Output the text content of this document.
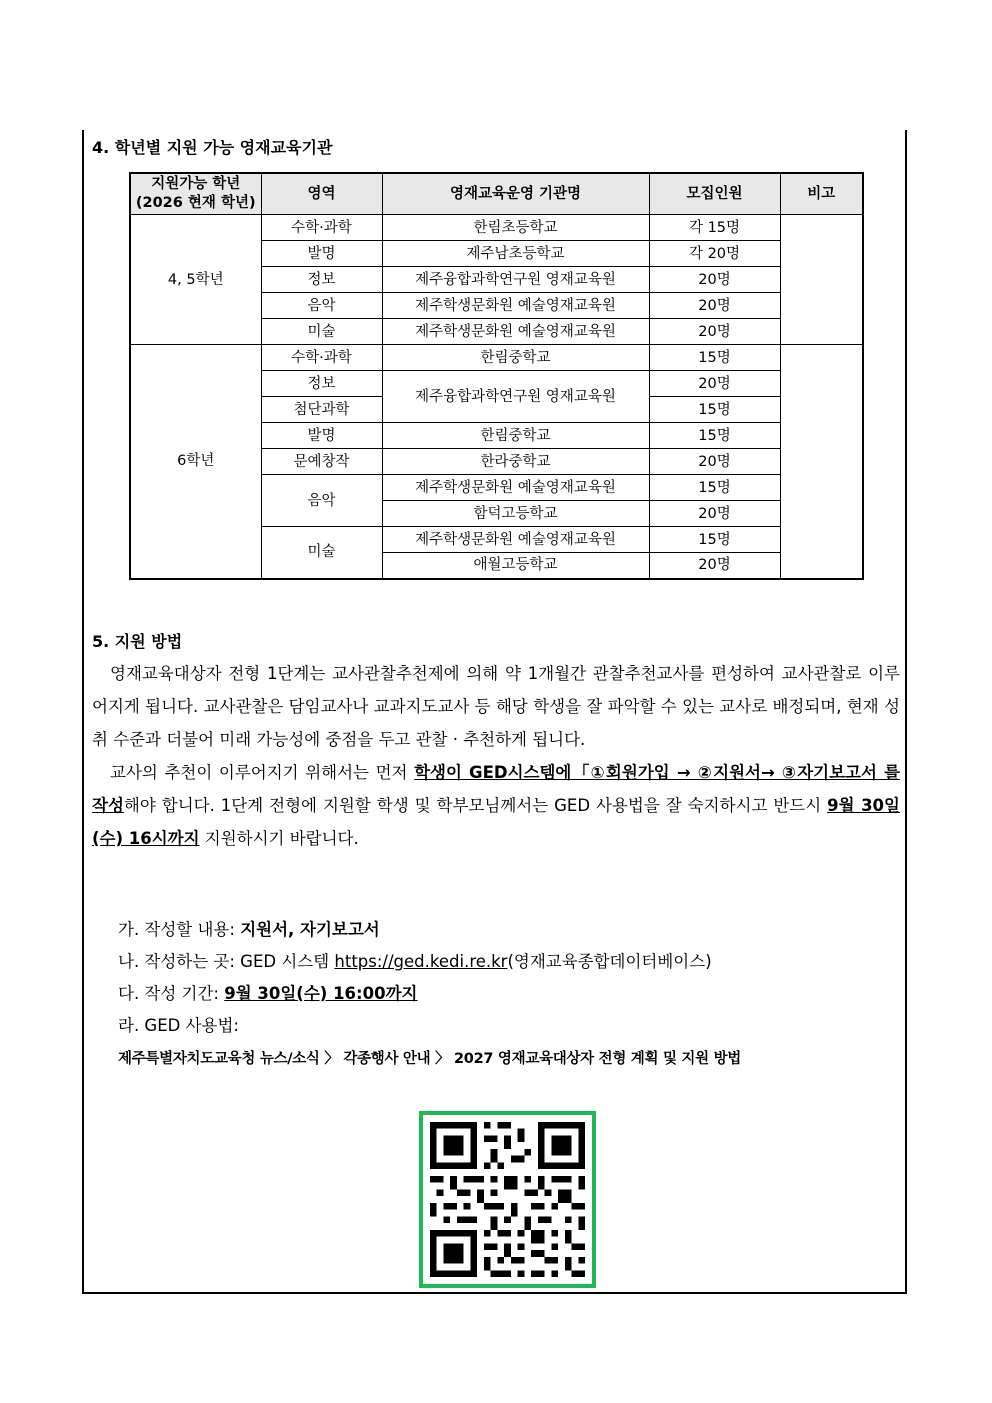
4. 학년별 지원 가능 영재교육기관
지원가능 학년
(2026 현재 학년)	영역	영재교육운영 기관명	모집인원	비고
4, 5학년	수학·과학	한림초등학교	각 15명	
	발명	제주남초등학교	각 20명	
	정보	제주융합과학연구원 영재교육원	20명	
	음악	제주학생문화원 예술영재교육원	20명	
	미술	제주학생문화원 예술영재교육원	20명	
6학년	수학·과학	한림중학교	15명	
	정보	제주융합과학연구원 영재교육원	20명	
	첨단과학		15명	
	발명	한림중학교	15명	
	문예창작	한라중학교	20명	
	음악	제주학생문화원 예술영재교육원	15명	
		함덕고등학교	20명	
	미술	제주학생문화원 예술영재교육원	15명	
		애월고등학교	20명	
5. 지원 방법

영재교육대상자 전형 1단계는 교사관찰추천제에 의해 약 1개월간 관찰추천교사를 편성하여 교사관찰로 이루어지게 됩니다. 교사관찰은 담임교사나 교과지도교사 등 해당 학생을 잘 파악할 수 있는 교사로 배정되며, 현재 성취 수준과 더불어 미래 가능성에 중점을 두고 관찰 · 추천하게 됩니다.

교사의 추천이 이루어지기 위해서는 먼저 학생이 GED시스템에「①회원가입 → ②지원서→ ③자기보고서 를 작성해야 합니다. 1단계 전형에 지원할 학생 및 학부모님께서는 GED 사용법을 잘 숙지하시고 반드시 9월 30일(수) 16시까지 지원하시기 바랍니다.

가. 작성할 내용: 지원서, 자기보고서
나. 작성하는 곳: GED 시스템 https://ged.kedi.re.kr(영재교육종합데이터베이스)
다. 작성 기간: 9월 30일(수) 16:00까지
라. GED 사용법:
제주특별자치도교육청 뉴스/소식 〉 각종행사 안내 〉 2027 영재교육대상자 전형 계획 및 지원 방법
